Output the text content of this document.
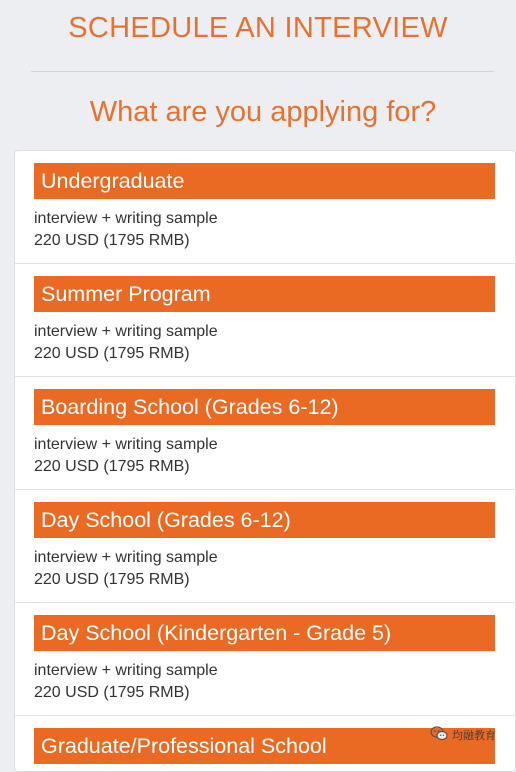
SCHEDULE AN INTERVIEW
What are you applying for?
Undergraduate
interview + writing sample
220 USD (1795 RMB)
Summer Program
interview + writing sample
220 USD (1795 RMB)
Boarding School (Grades 6-12)
interview + writing sample
220 USD (1795 RMB)
Day School (Grades 6-12)
interview + writing sample
220 USD (1795 RMB)
Day School (Kindergarten - Grade 5)
interview + writing sample
220 USD (1795 RMB)
Graduate/Professional School	均融教育
